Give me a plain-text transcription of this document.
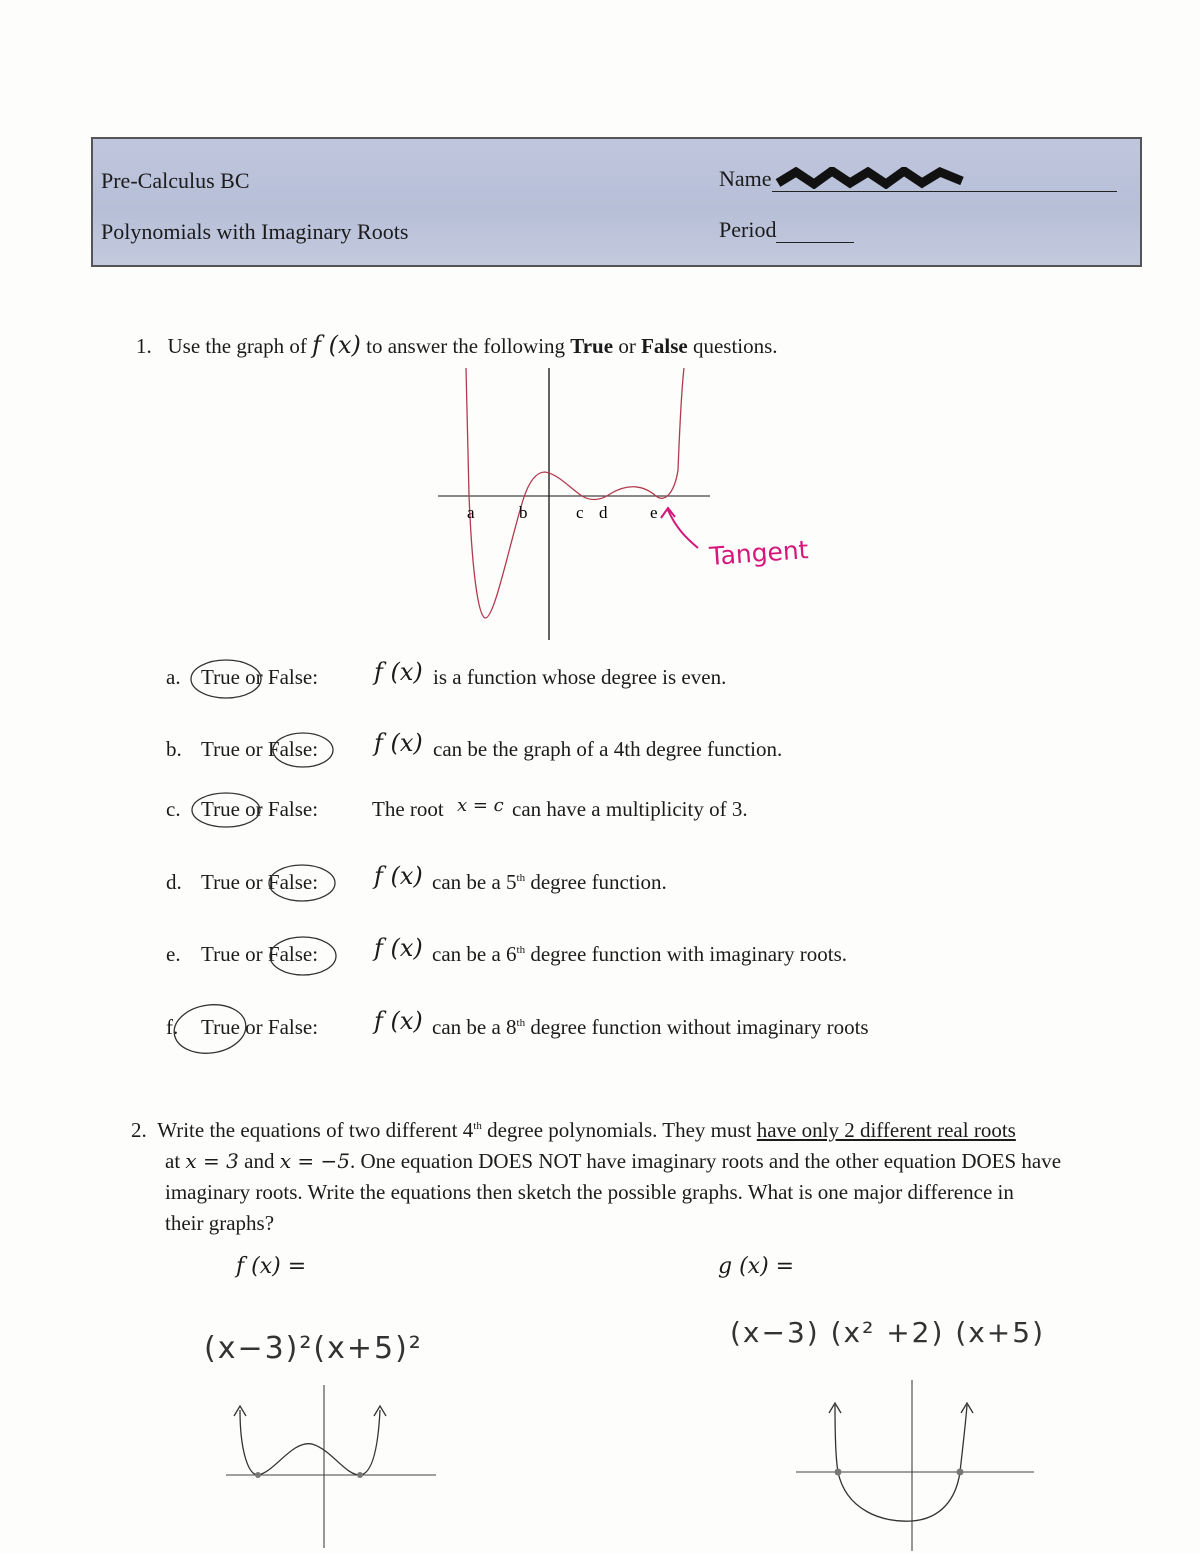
Pre-Calculus BC
Polynomials with Imaginary Roots
Name
Period
1. Use the graph of f (x) to answer the following True or False questions.
a	b	c d	e
Tangent
a. True or False: f (x) is a function whose degree is even.
b. True or False: f (x) can be the graph of a 4th degree function.
c. True or False:	The root x = c can have a multiplicity of 3.
d. True or False: f (x) can be a 5th degree function.
e. True or False: f (x) can be a 6th degree function with imaginary roots.
f. True or False: f (x) can be a 8th degree function without imaginary roots
2. Write the equations of two different 4th degree polynomials. They must have only 2 different real roots
at x = 3 and x = −5. One equation DOES NOT have imaginary roots and the other equation DOES have
imaginary roots. Write the equations then sketch the possible graphs. What is one major difference in
their graphs?
f (x) =	g (x) =
(x−3)²(x+5)²	(x−3) (x² +2) (x+5)
